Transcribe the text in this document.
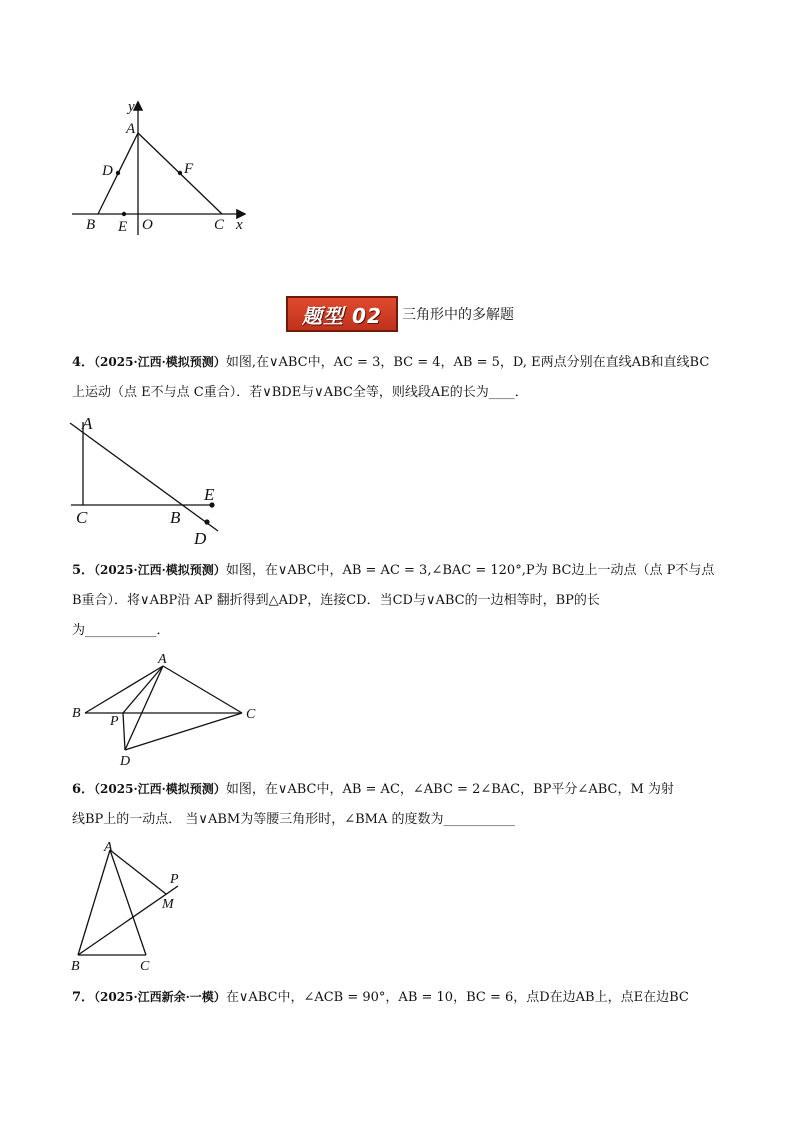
y
x
A
D	F
B E O	C
题型 02	三角形中的多解题
4．（2025·江西·模拟预测）如图,在∨ABC中，AC = 3，BC = 4，AB = 5，D, E两点分别在直线AB和直线BC
上运动（点 E不与点 C重合）．若∨BDE与∨ABC全等，则线段AE的长为____．
A
C	B
E
D
5．（2025·江西·模拟预测）如图，在∨ABC中，AB = AC = 3,∠BAC = 120°,P为 BC边上一动点（点 P不与点
B重合）．将∨ABP沿 AP 翻折得到△ADP，连接CD．当CD与∨ABC的一边相等时，BP的长
为___________．
A
B
P	C
D
6．（2025·江西·模拟预测）如图，在∨ABC中，AB = AC，∠ABC = 2∠BAC，BP平分∠ABC，M 为射
线BP上的一动点． 当∨ABM为等腰三角形时，∠BMA 的度数为___________
A
P
M
B	C
7．（2025·江西新余·一模）在∨ABC中，∠ACB = 90°，AB = 10，BC = 6，点D在边AB上，点E在边BC
